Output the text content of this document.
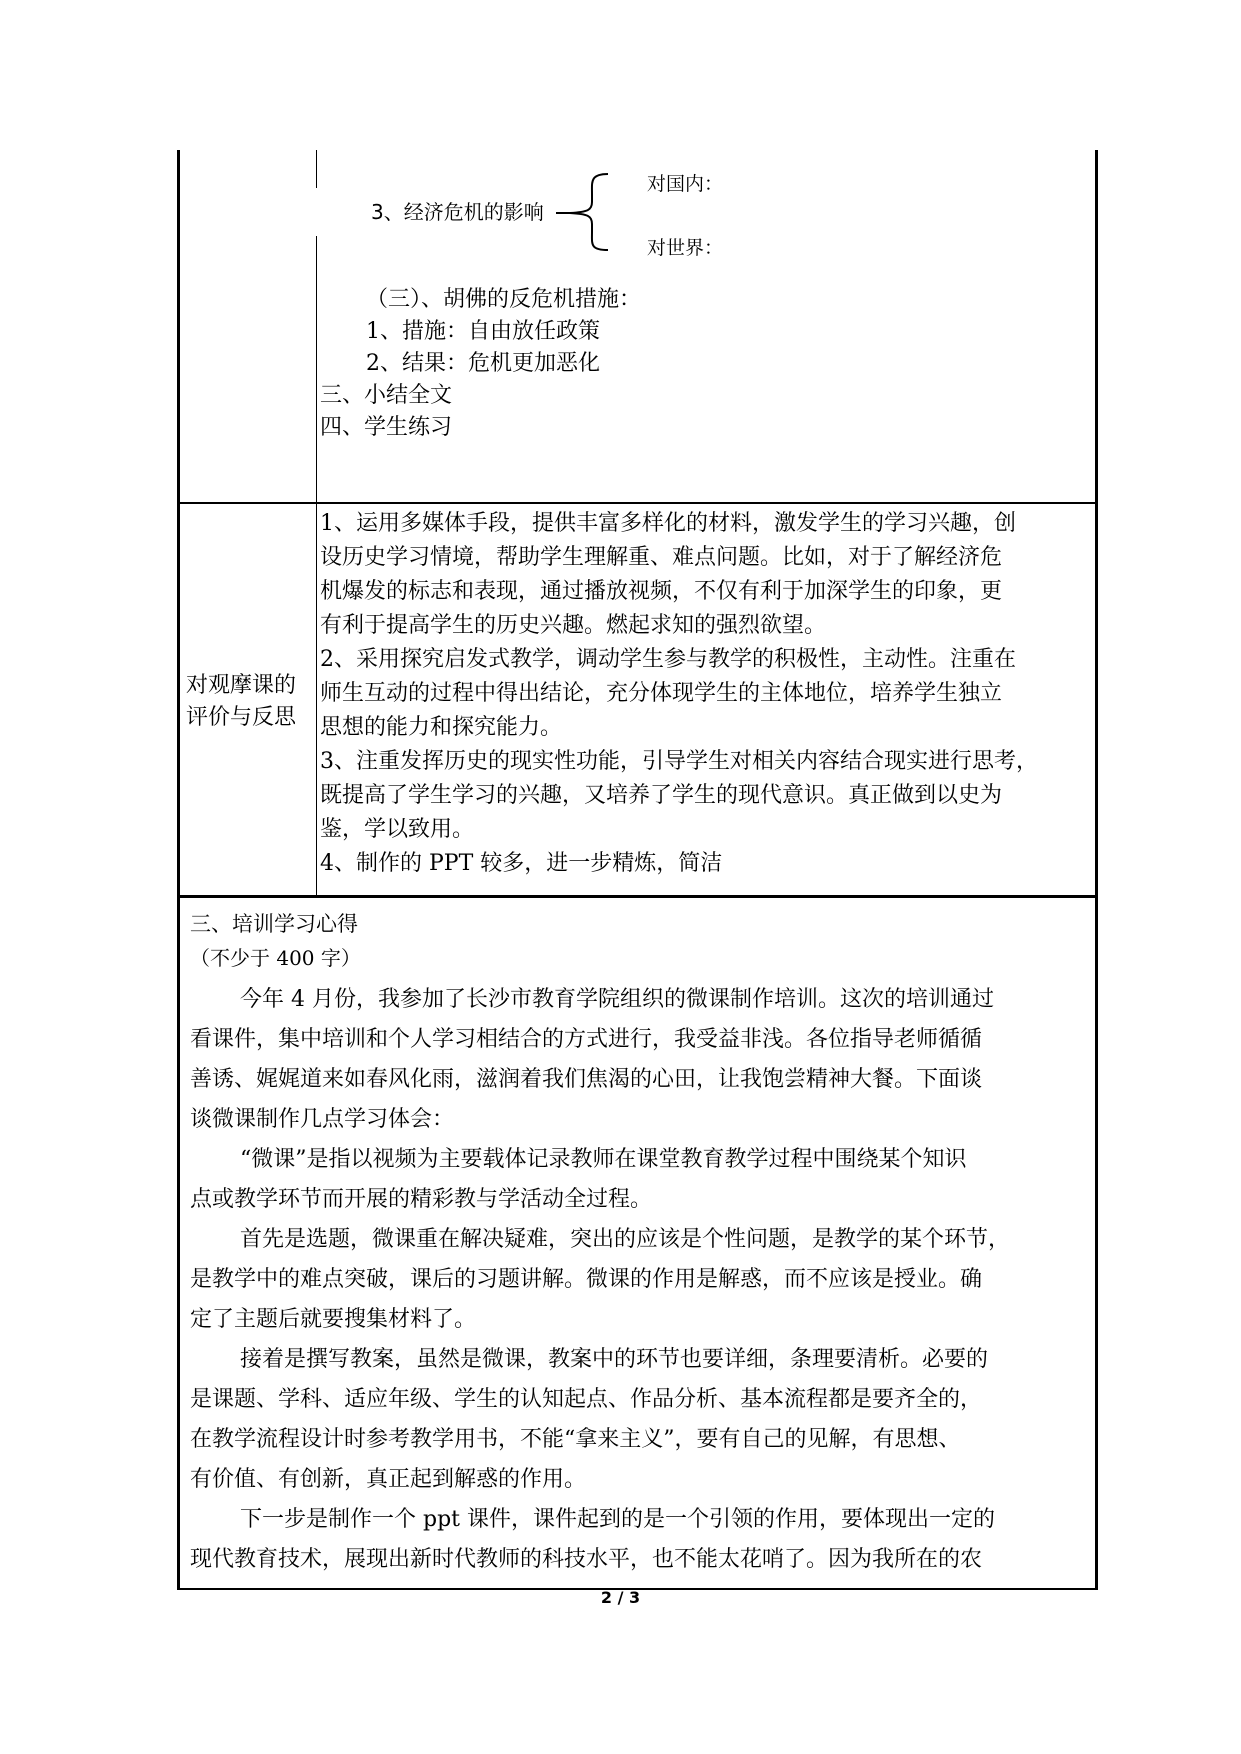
3、经济危机的影响
对国内：
对世界：
（三）、胡佛的反危机措施：
1、措施：自由放任政策
2、结果：危机更加恶化
三、小结全文
四、学生练习
对观摩课的
评价与反思
1、运用多媒体手段，提供丰富多样化的材料，激发学生的学习兴趣，创
设历史学习情境，帮助学生理解重、难点问题。比如，对于了解经济危
机爆发的标志和表现，通过播放视频，不仅有利于加深学生的印象，更
有利于提高学生的历史兴趣。燃起求知的强烈欲望。
2、采用探究启发式教学，调动学生参与教学的积极性，主动性。注重在
师生互动的过程中得出结论，充分体现学生的主体地位，培养学生独立
思想的能力和探究能力。
3、注重发挥历史的现实性功能，引导学生对相关内容结合现实进行思考，
既提高了学生学习的兴趣，又培养了学生的现代意识。真正做到以史为
鉴，学以致用。
4、制作的 PPT 较多，进一步精炼，简洁
三、培训学习心得
（不少于 400 字）
今年 4 月份，我参加了长沙市教育学院组织的微课制作培训。这次的培训通过
看课件，集中培训和个人学习相结合的方式进行，我受益非浅。各位指导老师循循
善诱、娓娓道来如春风化雨，滋润着我们焦渴的心田，让我饱尝精神大餐。下面谈
谈微课制作几点学习体会：
“微课”是指以视频为主要载体记录教师在课堂教育教学过程中围绕某个知识
点或教学环节而开展的精彩教与学活动全过程。
首先是选题，微课重在解决疑难，突出的应该是个性问题，是教学的某个环节，
是教学中的难点突破，课后的习题讲解。微课的作用是解惑，而不应该是授业。确
定了主题后就要搜集材料了。
接着是撰写教案，虽然是微课，教案中的环节也要详细，条理要清析。必要的
是课题、学科、适应年级、学生的认知起点、作品分析、基本流程都是要齐全的，
在教学流程设计时参考教学用书，不能“拿来主义”，要有自己的见解，有思想、
有价值、有创新，真正起到解惑的作用。
下一步是制作一个 ppt 课件，课件起到的是一个引领的作用，要体现出一定的
现代教育技术，展现出新时代教师的科技水平，也不能太花哨了。因为我所在的农
2 / 3
